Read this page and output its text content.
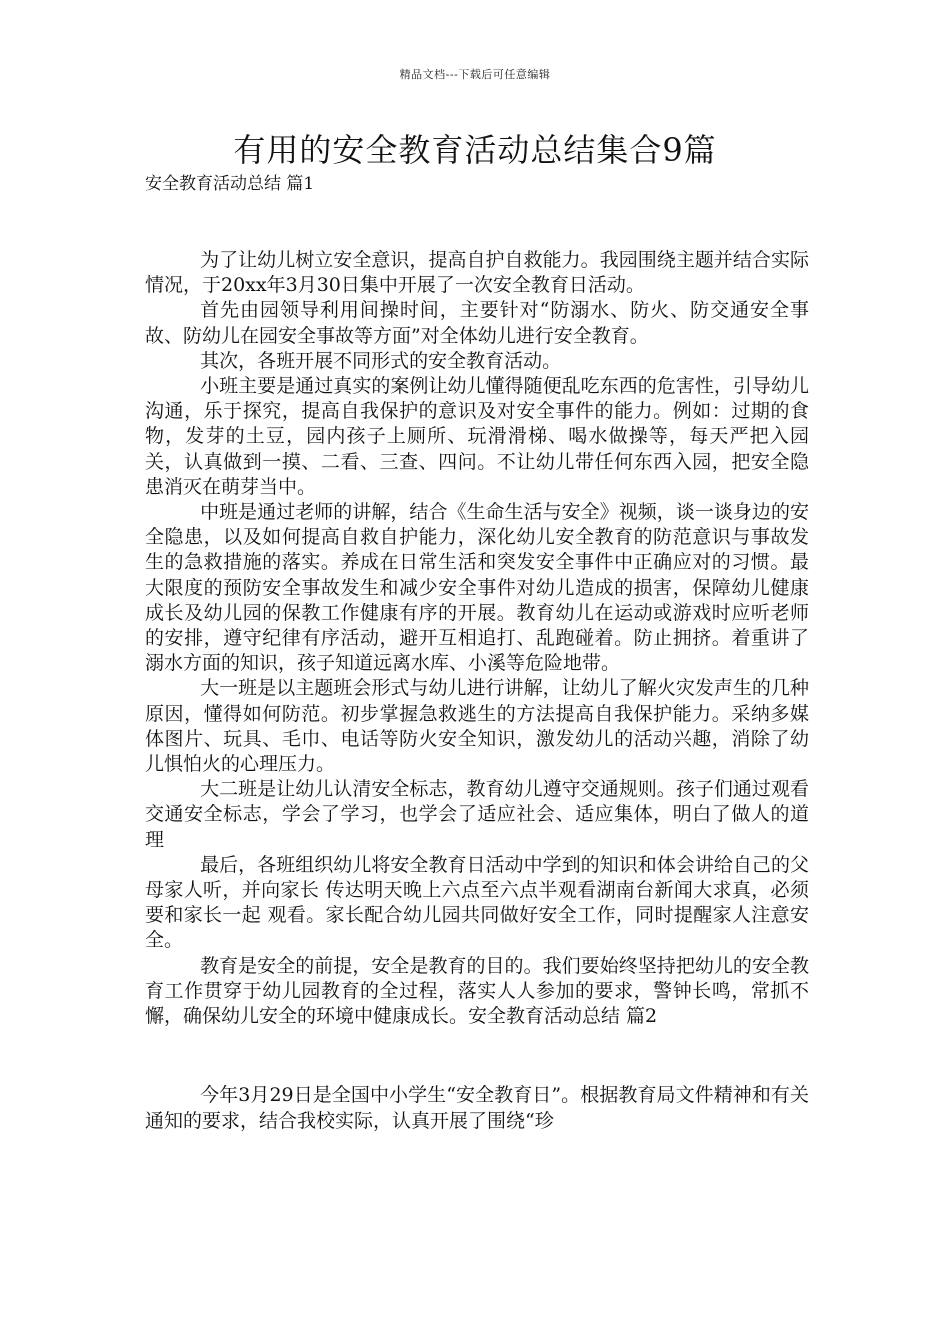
精品文档---下载后可任意编辑
有用的安全教育活动总结集合9篇
安全教育活动总结 篇1

为了让幼儿树立安全意识，提高自护自救能力。我园围绕主题并结合实际情况，于20xx年3月30日集中开展了一次安全教育日活动。

首先由园领导利用间操时间，主要针对“防溺水、防火、防交通安全事故、防幼儿在园安全事故等方面”对全体幼儿进行安全教育。

其次，各班开展不同形式的安全教育活动。

小班主要是通过真实的案例让幼儿懂得随便乱吃东西的危害性，引导幼儿沟通，乐于探究，提高自我保护的意识及对安全事件的能力。例如：过期的食物，发芽的土豆，园内孩子上厕所、玩滑滑梯、喝水做操等，每天严把入园关，认真做到一摸、二看、三查、四问。不让幼儿带任何东西入园，把安全隐患消灭在萌芽当中。

中班是通过老师的讲解，结合《生命生活与安全》视频，谈一谈身边的安全隐患，以及如何提高自救自护能力，深化幼儿安全教育的防范意识与事故发生的急救措施的落实。养成在日常生活和突发安全事件中正确应对的习惯。最大限度的预防安全事故发生和减少安全事件对幼儿造成的损害，保障幼儿健康成长及幼儿园的保教工作健康有序的开展。教育幼儿在运动或游戏时应听老师的安排，遵守纪律有序活动，避开互相追打、乱跑碰着。防止拥挤。着重讲了溺水方面的知识，孩子知道远离水库、小溪等危险地带。

大一班是以主题班会形式与幼儿进行讲解，让幼儿了解火灾发声生的几种原因，懂得如何防范。初步掌握急救逃生的方法提高自我保护能力。采纳多媒体图片、玩具、毛巾、电话等防火安全知识，激发幼儿的活动兴趣，消除了幼儿惧怕火的心理压力。

大二班是让幼儿认清安全标志，教育幼儿遵守交通规则。孩子们通过观看交通安全标志，学会了学习，也学会了适应社会、适应集体，明白了做人的道理

最后，各班组织幼儿将安全教育日活动中学到的知识和体会讲给自己的父母家人听，并向家长 传达明天晚上六点至六点半观看湖南台新闻大求真，必须要和家长一起 观看。家长配合幼儿园共同做好安全工作，同时提醒家人注意安全。

教育是安全的前提，安全是教育的目的。我们要始终坚持把幼儿的安全教育工作贯穿于幼儿园教育的全过程，落实人人参加的要求，警钟长鸣，常抓不懈，确保幼儿安全的环境中健康成长。安全教育活动总结 篇2

今年3月29日是全国中小学生“安全教育日”。根据教育局文件精神和有关通知的要求，结合我校实际，认真开展了围绕“珍
